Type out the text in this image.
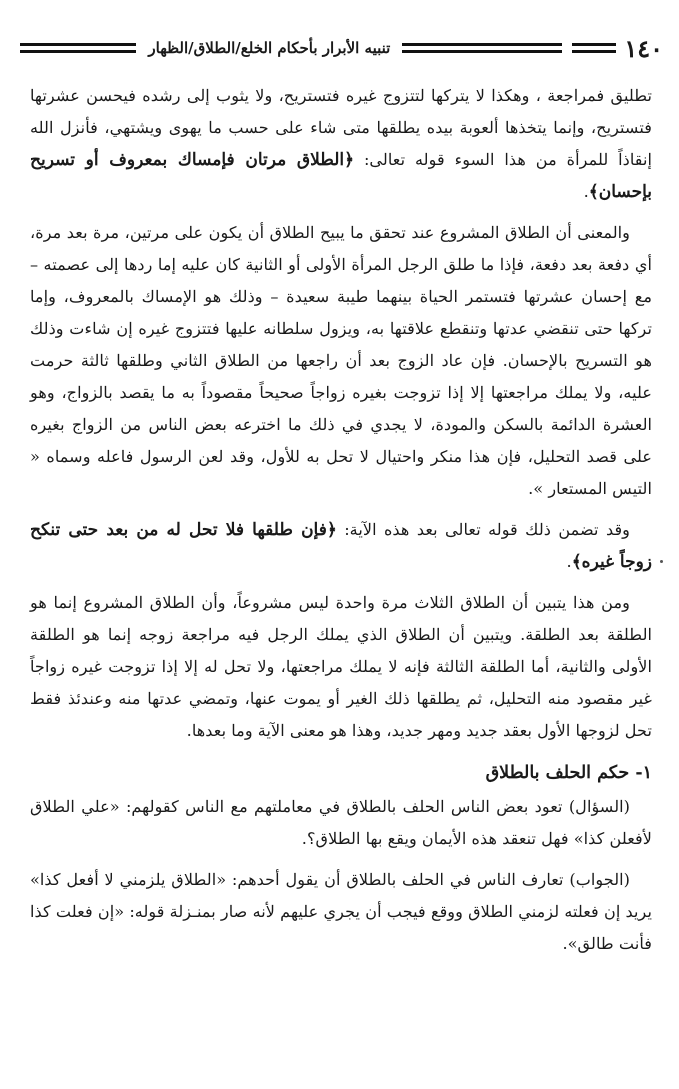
١٤٠
تنبيه الأبرار بأحكام الخلع/الطلاق/الظهار

تطليق فمراجعة ، وهكذا لا يتركها لتتزوج غيره فتستريح، ولا يثوب إلى رشده فيحسن عشرتها فتستريح، وإنما يتخذها ألعوبة بيده يطلقها متى شاء على حسب ما يهوى ويشتهي، فأنزل الله إنقاذاً للمرأة من هذا السوء قوله تعالى: ﴿الطلاق مرتان فإمساك بمعروف أو تسريح بإحسان﴾.

والمعنى أن الطلاق المشروع عند تحقق ما يبيح الطلاق أن يكون على مرتين، مرة بعد مرة، أي دفعة بعد دفعة، فإذا ما طلق الرجل المرأة الأولى أو الثانية كان عليه إما ردها إلى عصمته – مع إحسان عشرتها فتستمر الحياة بينهما طيبة سعيدة – وذلك هو الإمساك بالمعروف، وإما تركها حتى تنقضي عدتها وتنقطع علاقتها به، ويزول سلطانه عليها فتتزوج غيره إن شاءت وذلك هو التسريح بالإحسان. فإن عاد الزوج بعد أن راجعها من الطلاق الثاني وطلقها ثالثة حرمت عليه، ولا يملك مراجعتها إلا إذا تزوجت بغيره زواجاً صحيحاً مقصوداً به ما يقصد بالزواج، وهو العشرة الدائمة بالسكن والمودة، لا يجدي في ذلك ما اخترعه بعض الناس من الزواج بغيره على قصد التحليل، فإن هذا منكر واحتيال لا تحل به للأول، وقد لعن الرسول فاعله وسماه « التيس المستعار ».

وقد تضمن ذلك قوله تعالى بعد هذه الآية: ﴿فإن طلقها فلا تحل له من بعد حتى تنكح زوجاً غيره﴾.

ومن هذا يتبين أن الطلاق الثلاث مرة واحدة ليس مشروعاً، وأن الطلاق المشروع إنما هو الطلقة بعد الطلقة. ويتبين أن الطلاق الذي يملك الرجل فيه مراجعة زوجه إنما هو الطلقة الأولى والثانية، أما الطلقة الثالثة فإنه لا يملك مراجعتها، ولا تحل له إلا إذا تزوجت غيره زواجاً غير مقصود منه التحليل، ثم يطلقها ذلك الغير أو يموت عنها، وتمضي عدتها منه وعندئذ فقط تحل لزوجها الأول بعقد جديد ومهر جديد، وهذا هو معنى الآية وما بعدها.

١- حكم الحلف بالطلاق

(السؤال) تعود بعض الناس الحلف بالطلاق في معاملتهم مع الناس كقولهم: «علي الطلاق لأفعلن كذا» فهل تنعقد هذه الأيمان ويقع بها الطلاق؟.

(الجواب) تعارف الناس في الحلف بالطلاق أن يقول أحدهم: «الطلاق يلزمني لا أفعل كذا» يريد إن فعلته لزمني الطلاق ووقع فيجب أن يجري عليهم لأنه صار بمنـزلة قوله: «إن فعلت كذا فأنت طالق».
